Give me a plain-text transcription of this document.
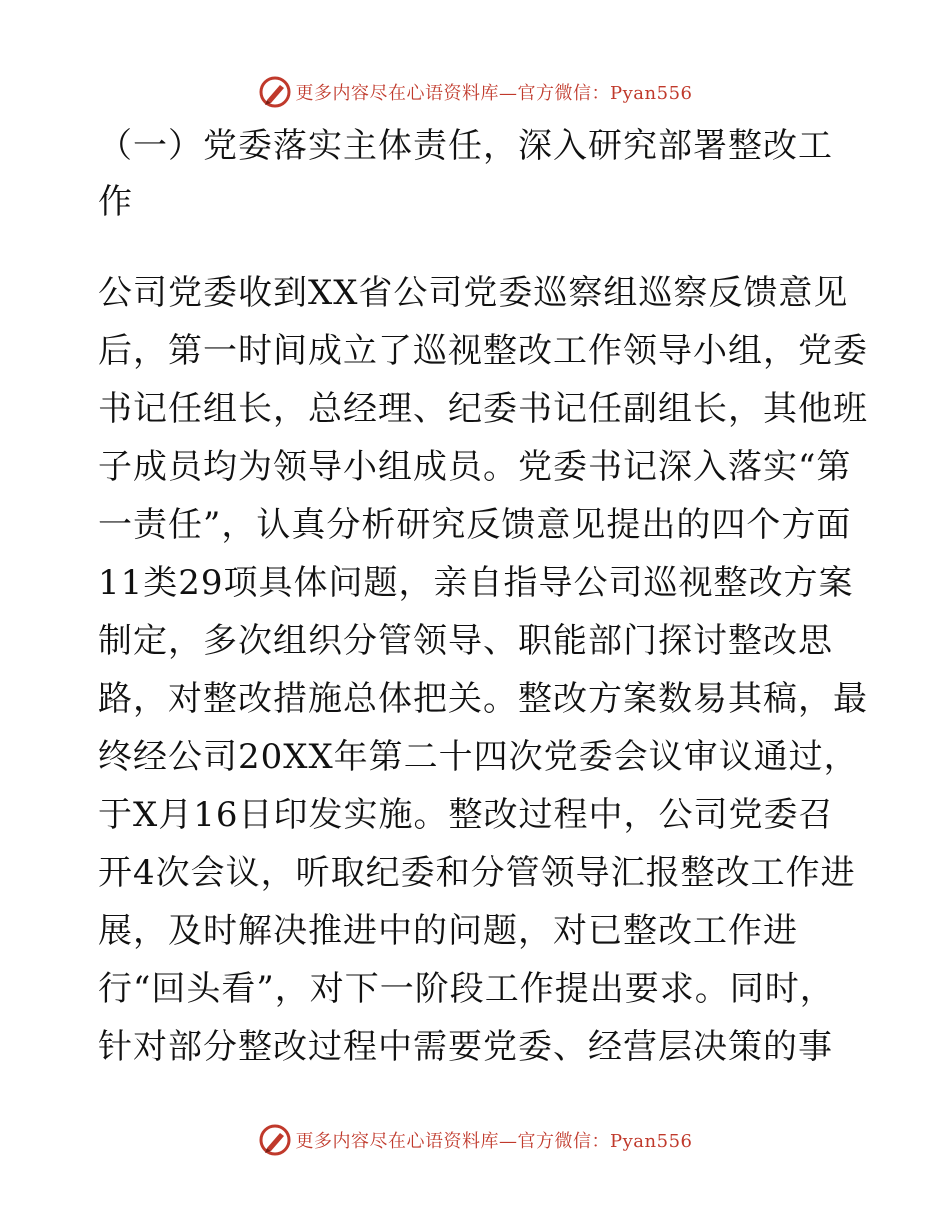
更多内容尽在心语资料库—官方微信：Pyan556
（一）党委落实主体责任，深入研究部署整改工作
公司党委收到XX省公司党委巡察组巡察反馈意见
后，第一时间成立了巡视整改工作领导小组，党委
书记任组长，总经理、纪委书记任副组长，其他班
子成员均为领导小组成员。党委书记深入落实“第
一责任”，认真分析研究反馈意见提出的四个方面
11类29项具体问题，亲自指导公司巡视整改方案
制定，多次组织分管领导、职能部门探讨整改思
路，对整改措施总体把关。整改方案数易其稿，最
终经公司20XX年第二十四次党委会议审议通过，
于X月16日印发实施。整改过程中，公司党委召
开4次会议，听取纪委和分管领导汇报整改工作进
展，及时解决推进中的问题，对已整改工作进
行“回头看”，对下一阶段工作提出要求。同时，
针对部分整改过程中需要党委、经营层决策的事
更多内容尽在心语资料库—官方微信：Pyan556
